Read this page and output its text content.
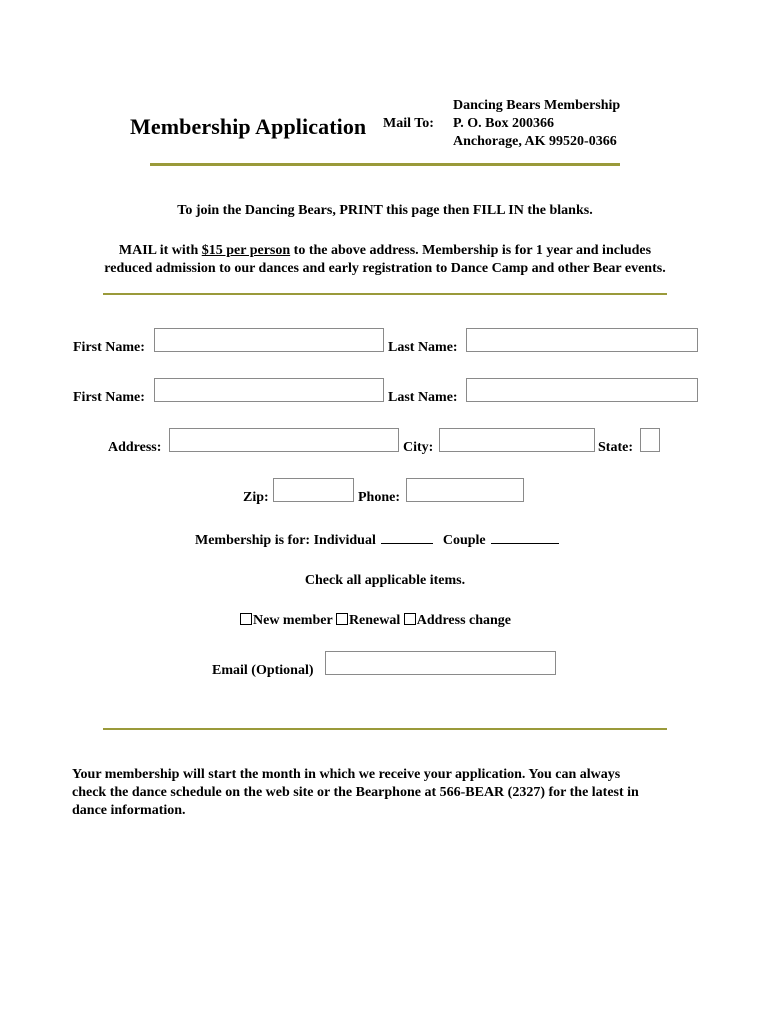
Membership Application Mail To:
Dancing Bears Membership
P. O. Box 200366
Anchorage, AK 99520-0366
To join the Dancing Bears, PRINT this page then FILL IN the blanks.
MAIL it with $15 per person to the above address. Membership is for 1 year and includes
reduced admission to our dances and early registration to Dance Camp and other Bear events.
First Name:	Last Name:
First Name:	Last Name:
Address:	City:	State:
Zip:	Phone:
Membership is for: Individual	Couple
Check all applicable items.
New member Renewal Address change
Email (Optional)
Your membership will start the month in which we receive your application. You can always
check the dance schedule on the web site or the Bearphone at 566-BEAR (2327) for the latest in
dance information.
